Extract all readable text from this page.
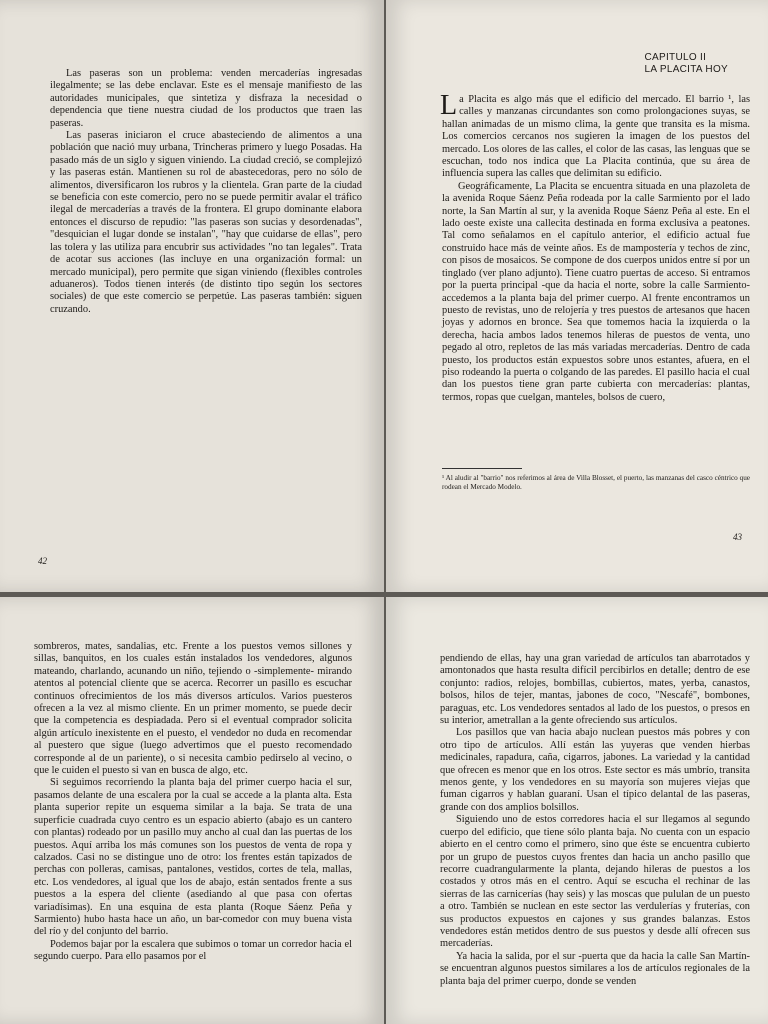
Las paseras son un problema: venden mercaderías ingresadas ilegalmente; se las debe enclavar. Este es el mensaje manifiesto de las autoridades municipales, que sintetiza y disfraza la necesidad o dependencia que tiene nuestra ciudad de los productos que traen las paseras.

Las paseras iniciaron el cruce abasteciendo de alimentos a una población que nació muy urbana, Trincheras primero y luego Posadas. Ha pasado más de un siglo y siguen viniendo. La ciudad creció, se complejizó y las paseras están. Mantienen su rol de abastecedoras, pero no sólo de alimentos, diversificaron los rubros y la clientela. Gran parte de la ciudad se beneficia con este comercio, pero no se puede permitir avalar el tráfico ilegal de mercaderías a través de la frontera. El grupo dominante elabora entonces el discurso de repudio: "las paseras son sucias y desordenadas", "desquician el lugar donde se instalan", "hay que cuidarse de ellas", pero las tolera y las utiliza para encubrir sus actividades "no tan legales". Trata de acotar sus acciones (las incluye en una organización formal: un mercado municipal), pero permite que sigan viniendo (flexibles controles aduaneros). Todos tienen interés (de distinto tipo según los sectores sociales) de que este comercio se perpetúe. Las paseras también: siguen cruzando.

42
CAPITULO II
LA PLACITA HOY

La Placita es algo más que el edificio del mercado. El barrio ¹, las calles y manzanas circundantes son como prolongaciones suyas, se hallan animadas de un mismo clima, la gente que transita es la misma. Los comercios cercanos nos sugieren la imagen de los puestos del mercado. Los olores de las calles, el color de las casas, las lenguas que se escuchan, todo nos indica que La Placita continúa, que su área de influencia supera las calles que delimitan su edificio.

Geográficamente, La Placita se encuentra situada en una plazoleta de la avenida Roque Sáenz Peña rodeada por la calle Sarmiento por el lado norte, la San Martín al sur, y la avenida Roque Sáenz Peña al este. En el lado oeste existe una callecita destinada en forma exclusiva a peatones. Tal como señalamos en el capítulo anterior, el edificio actual fue construido hace más de veinte años. Es de mampostería y techos de zinc, con pisos de mosaicos. Se compone de dos cuerpos unidos entre sí por un tinglado (ver plano adjunto). Tiene cuatro puertas de acceso. Si entramos por la puerta principal -que da hacia el norte, sobre la calle Sarmiento- accedemos a la planta baja del primer cuerpo. Al frente encontramos un puesto de revistas, uno de relojería y tres puestos de artesanos que hacen joyas y adornos en bronce. Sea que tomemos hacia la izquierda o la derecha, hacia ambos lados tenemos hileras de puestos de venta, uno pegado al otro, repletos de las más variadas mercaderías. Dentro de cada puesto, los productos están expuestos sobre unos estantes, afuera, en el piso rodeando la puerta o colgando de las paredes. El pasillo hacia el cual dan los puestos tiene gran parte cubierta con mercaderías: plantas, termos, ropas que cuelgan, manteles, bolsos de cuero,

¹ Al aludir al "barrio" nos referimos al área de Villa Blosset, el puerto, las manzanas del casco céntrico que rodean el Mercado Modelo.
43

sombreros, mates, sandalias, etc. Frente a los puestos vemos sillones y sillas, banquitos, en los cuales están instalados los vendedores, algunos mateando, charlando, acunando un niño, tejiendo o -simplemente- mirando atentos al potencial cliente que se acerca. Recorrer un pasillo es escuchar continuos ofrecimientos de los más diversos artículos. Varios puesteros ofrecen a la vez al mismo cliente. En un primer momento, se puede decir que la competencia es despiadada. Pero si el eventual comprador solicita algún artículo inexistente en el puesto, el vendedor no duda en recomendar al puestero que sigue (luego advertimos que el puesto recomendado corresponde al de un pariente), o si necesita cambio pedirselo al vecino, o que le cuiden el puesto si van en busca de algo, etc.

Si seguimos recorriendo la planta baja del primer cuerpo hacia el sur, pasamos delante de una escalera por la cual se accede a la planta alta. Esta planta superior repite un esquema similar a la baja. Se trata de una superficie cuadrada cuyo centro es un espacio abierto (abajo es un cantero con plantas) rodeado por un pasillo muy ancho al cual dan las puertas de los puestos. Aquí arriba los más comunes son los puestos de venta de ropa y calzados. Casi no se distingue uno de otro: los frentes están tapizados de perchas con polleras, camisas, pantalones, vestidos, cortes de tela, mallas, etc. Los vendedores, al igual que los de abajo, están sentados frente a sus puestos a la espera del cliente (asediando al que pasa con ofertas variadísimas). En una esquina de esta planta (Roque Sáenz Peña y Sarmiento) hubo hasta hace un año, un bar-comedor con muy buena vista del río y del conjunto del barrio.

Podemos bajar por la escalera que subimos o tomar un corredor hacia el segundo cuerpo. Para ello pasamos por el

pendiendo de ellas, hay una gran variedad de artículos tan abarrotados y amontonados que hasta resulta difícil percibirlos en detalle; dentro de ese conjunto: radios, relojes, bombillas, cubiertos, mates, yerba, canastos, bolsos, hilos de tejer, mantas, jabones de coco, "Nescafé", bombones, paraguas, etc. Los vendedores sentados al lado de los puestos, o presos en su interior, ametrallan a la gente ofreciendo sus artículos.

Los pasillos que van hacia abajo nuclean puestos más pobres y con otro tipo de artículos. Allí están las yuyeras que venden hierbas medicinales, rapadura, caña, cigarros, jabones. La variedad y la cantidad que ofrecen es menor que en los otros. Este sector es más umbrío, transita menos gente, y los vendedores en su mayoría son mujeres viejas que fuman cigarros y hablan guaraní. Usan el típico delantal de las paseras, grande con dos amplios bolsillos.

Siguiendo uno de estos corredores hacia el sur llegamos al segundo cuerpo del edificio, que tiene sólo planta baja. No cuenta con un espacio abierto en el centro como el primero, sino que éste se encuentra cubierto por un grupo de puestos cuyos frentes dan hacia un ancho pasillo que recorre cuadrangularmente la planta, dejando hileras de puestos a los costados y otros más en el centro. Aquí se escucha el rechinar de las sierras de las carnicerías (hay seis) y las moscas que pululan de un puesto a otro. También se nuclean en este sector las verdulerías y fruterías, con sus productos expuestos en cajones y sus grandes balanzas. Estos vendedores están metidos dentro de sus puestos y desde allí ofrecen sus mercaderías.

Ya hacia la salida, por el sur -puerta que da hacia la calle San Martín- se encuentran algunos puestos similares a los de artículos regionales de la planta baja del primer cuerpo, donde se venden
